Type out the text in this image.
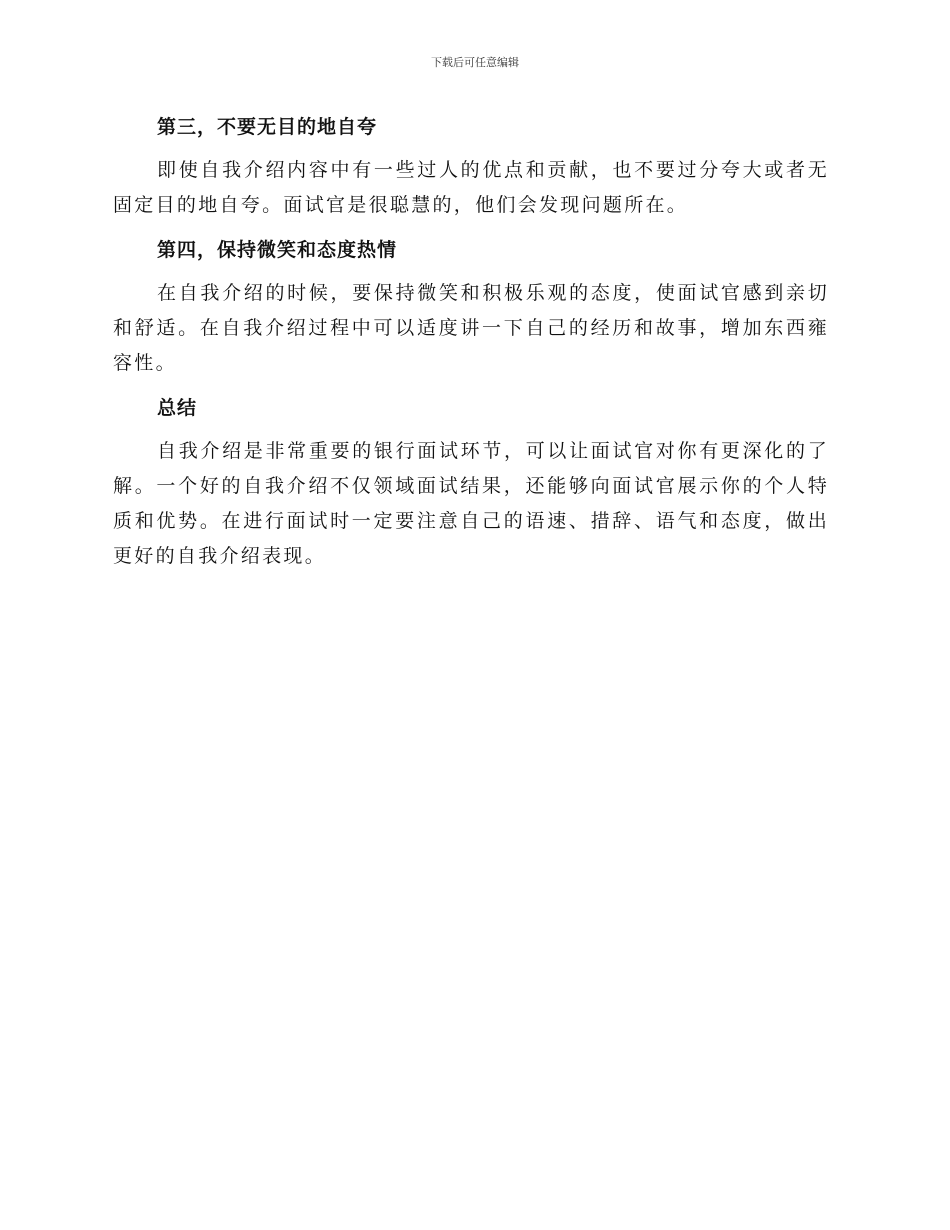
下载后可任意编辑
第三，不要无目的地自夸

即使自我介绍内容中有一些过人的优点和贡献，也不要过分夸大或者无固定目的地自夸。面试官是很聪慧的，他们会发现问题所在。

第四，保持微笑和态度热情

在自我介绍的时候，要保持微笑和积极乐观的态度，使面试官感到亲切和舒适。在自我介绍过程中可以适度讲一下自己的经历和故事，增加东西雍容性。

总结

自我介绍是非常重要的银行面试环节，可以让面试官对你有更深化的了解。一个好的自我介绍不仅领域面试结果，还能够向面试官展示你的个人特质和优势。在进行面试时一定要注意自己的语速、措辞、语气和态度，做出更好的自我介绍表现。
